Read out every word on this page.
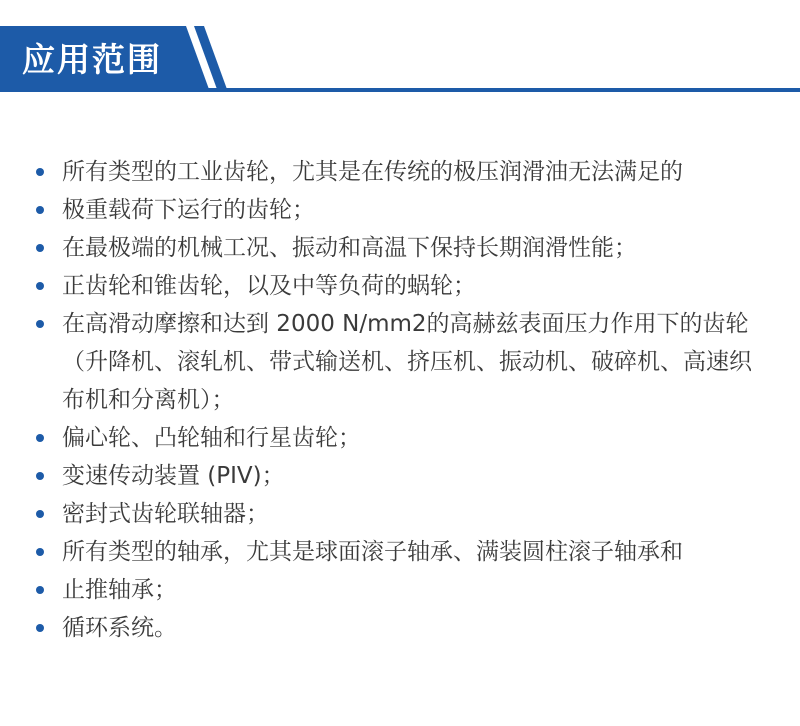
应用范围
所有类型的工业齿轮，尤其是在传统的极压润滑油无法满足的
极重载荷下运行的齿轮；
在最极端的机械工况、振动和高温下保持长期润滑性能；
正齿轮和锥齿轮，以及中等负荷的蜗轮；
在高滑动摩擦和达到 2000 N/mm2的高赫兹表面压力作用下的齿轮（升降机、滚轧机、带式输送机、挤压机、振动机、破碎机、高速织布机和分离机）；
偏心轮、凸轮轴和行星齿轮；
变速传动装置 (PIV)；
密封式齿轮联轴器；
所有类型的轴承，尤其是球面滚子轴承、满装圆柱滚子轴承和
止推轴承；
循环系统。
